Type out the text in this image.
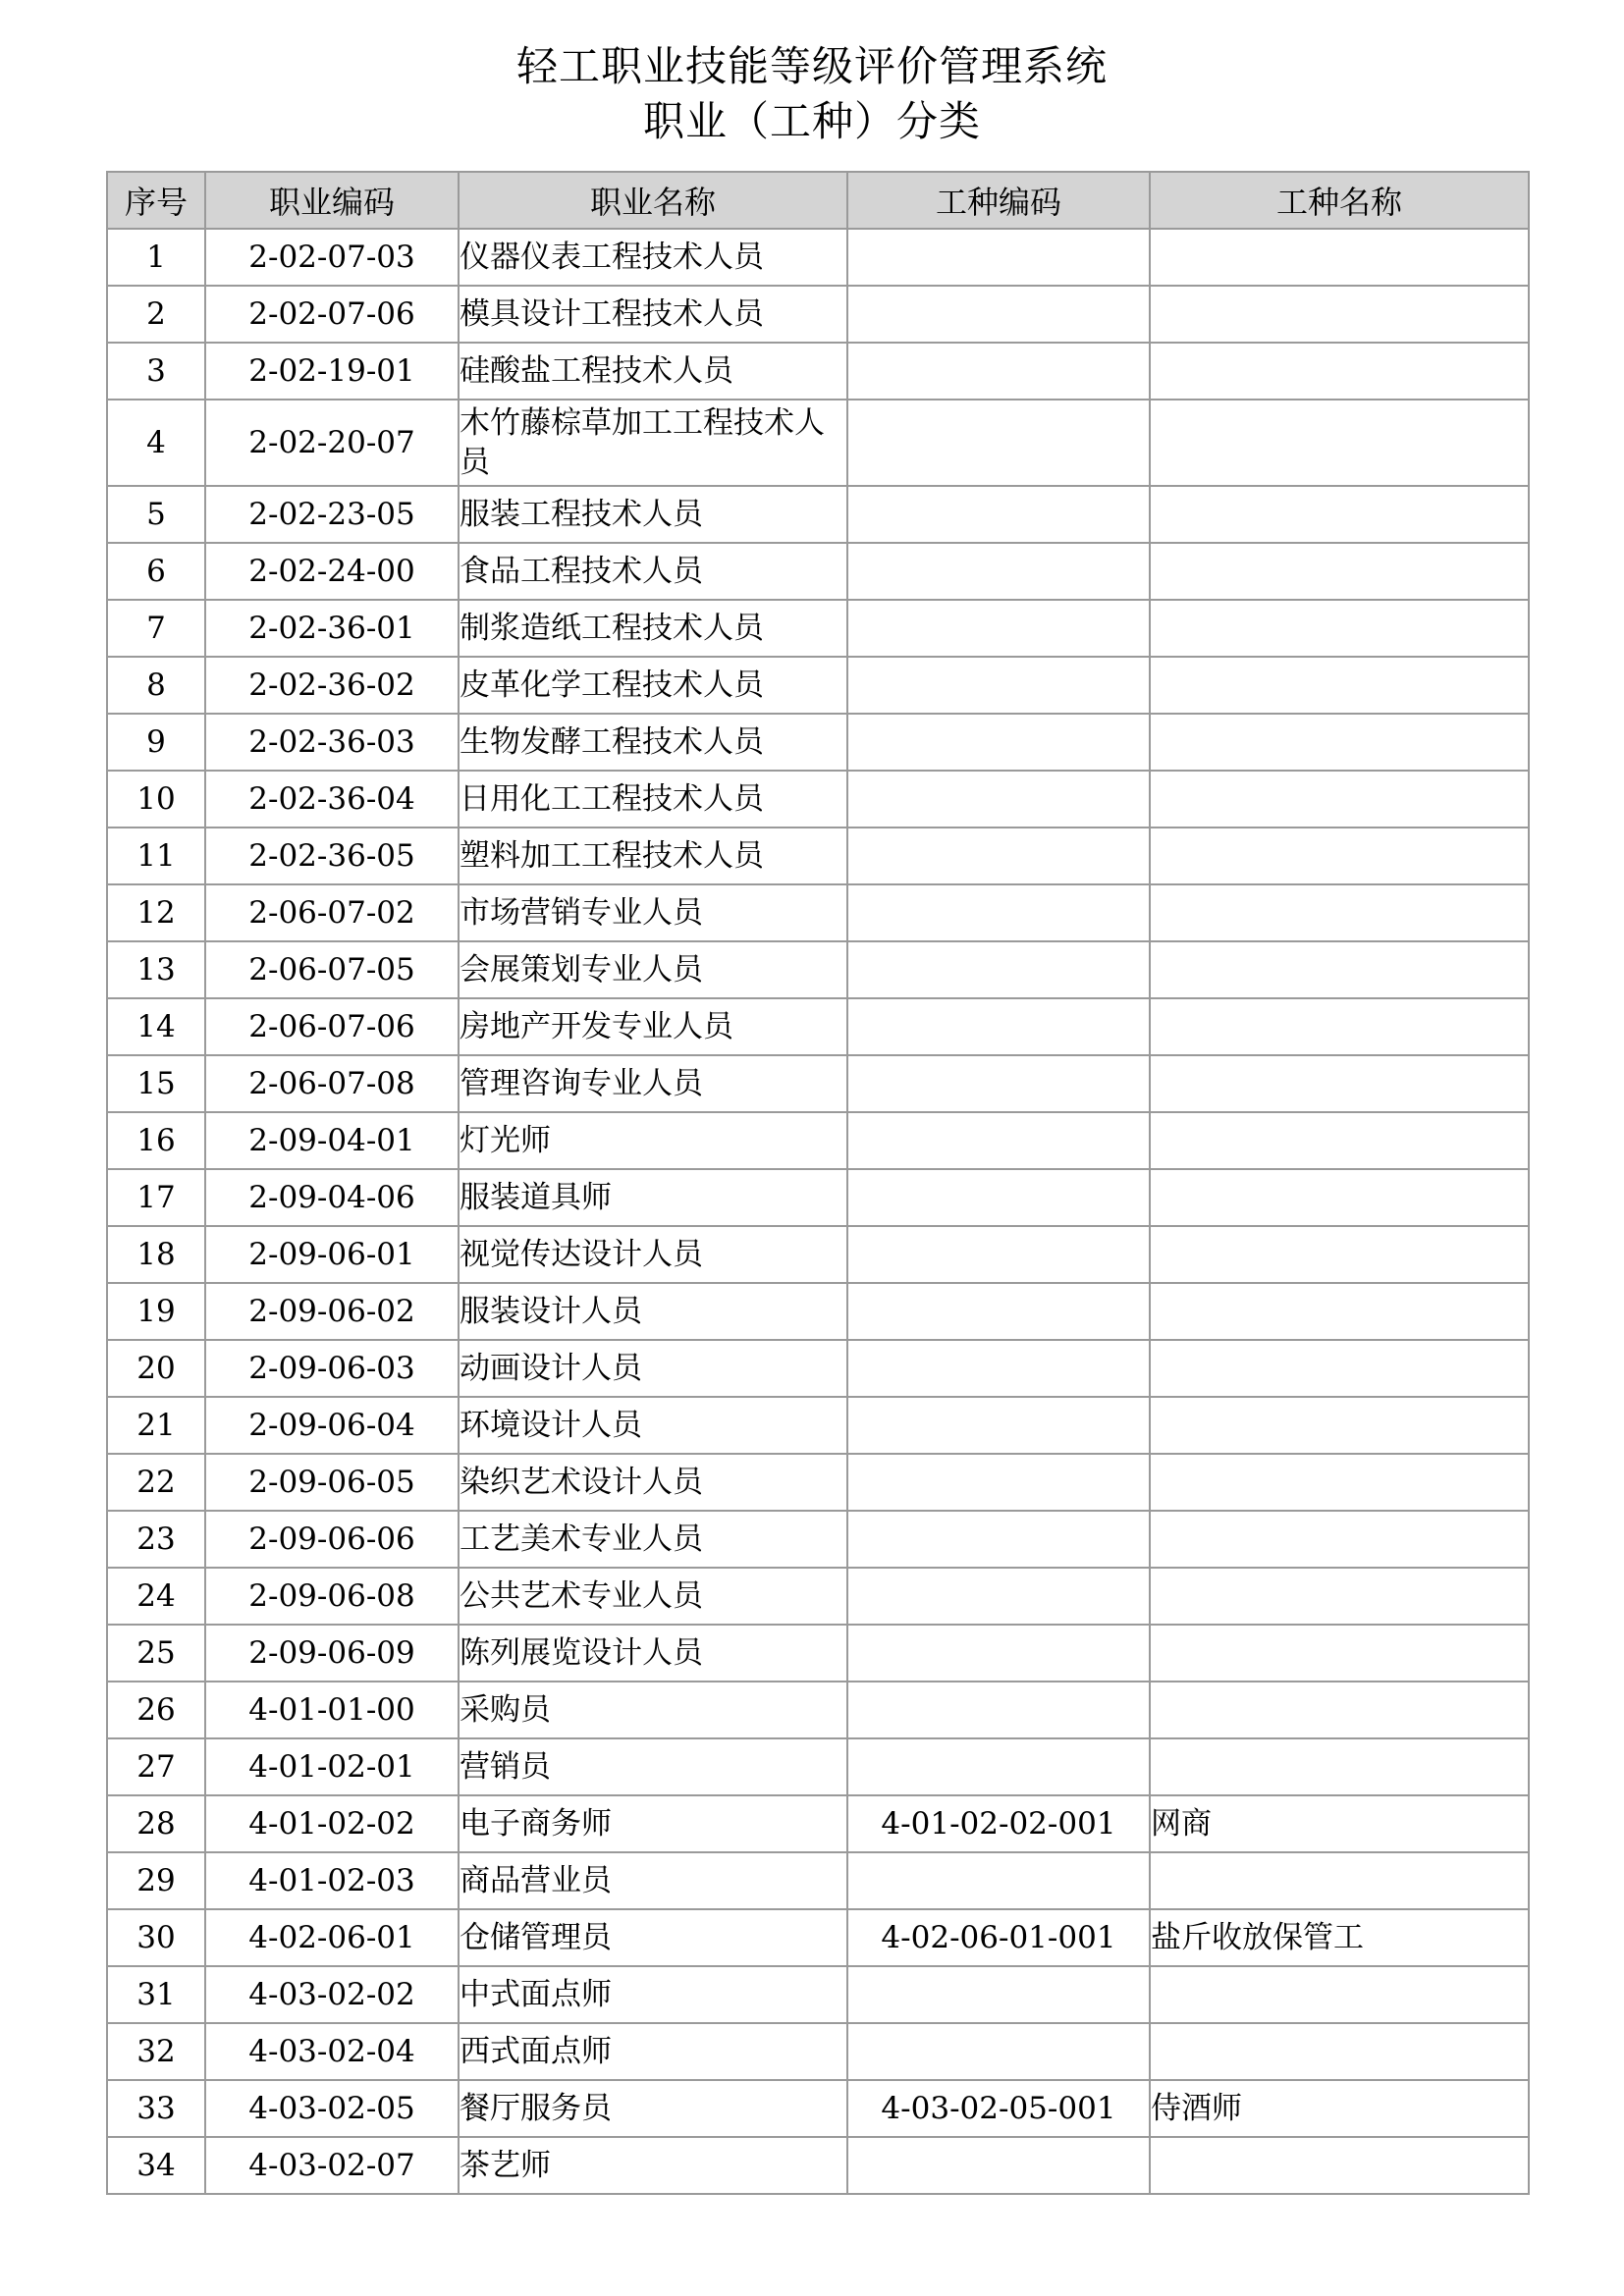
轻工职业技能等级评价管理系统
职业（工种）分类
序号	职业编码	职业名称	工种编码	工种名称
1	2-02-07-03	仪器仪表工程技术人员		
2	2-02-07-06	模具设计工程技术人员		
3	2-02-19-01	硅酸盐工程技术人员		
4	2-02-20-07	木竹藤棕草加工工程技术人员		
5	2-02-23-05	服装工程技术人员		
6	2-02-24-00	食品工程技术人员		
7	2-02-36-01	制浆造纸工程技术人员		
8	2-02-36-02	皮革化学工程技术人员		
9	2-02-36-03	生物发酵工程技术人员		
10	2-02-36-04	日用化工工程技术人员		
11	2-02-36-05	塑料加工工程技术人员		
12	2-06-07-02	市场营销专业人员		
13	2-06-07-05	会展策划专业人员		
14	2-06-07-06	房地产开发专业人员		
15	2-06-07-08	管理咨询专业人员		
16	2-09-04-01	灯光师		
17	2-09-04-06	服装道具师		
18	2-09-06-01	视觉传达设计人员		
19	2-09-06-02	服装设计人员		
20	2-09-06-03	动画设计人员		
21	2-09-06-04	环境设计人员		
22	2-09-06-05	染织艺术设计人员		
23	2-09-06-06	工艺美术专业人员		
24	2-09-06-08	公共艺术专业人员		
25	2-09-06-09	陈列展览设计人员		
26	4-01-01-00	采购员		
27	4-01-02-01	营销员		
28	4-01-02-02	电子商务师	4-01-02-02-001	网商
29	4-01-02-03	商品营业员		
30	4-02-06-01	仓储管理员	4-02-06-01-001	盐斤收放保管工
31	4-03-02-02	中式面点师		
32	4-03-02-04	西式面点师		
33	4-03-02-05	餐厅服务员	4-03-02-05-001	侍酒师
34	4-03-02-07	茶艺师		
